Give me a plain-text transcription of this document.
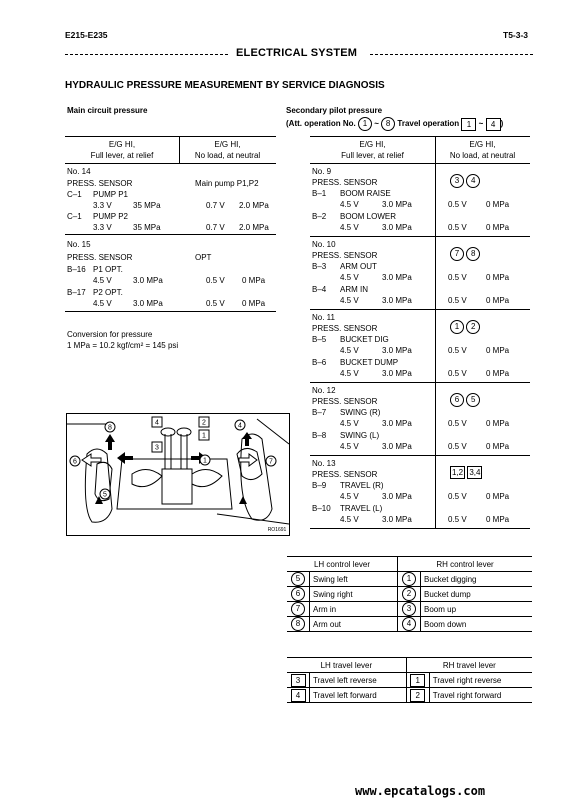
E215-E235	T5-3-3
ELECTRICAL SYSTEM
HYDRAULIC PRESSURE MEASUREMENT BY SERVICE DIAGNOSIS
Main circuit pressure
E/G HI,
Full lever, at relief
E/G HI,
No load, at neutral
No. 14
PRESS. SENSOR	Main pump P1,P2
C–1 PUMP P1
3.3 V	35 MPa	0.7 V 2.0 MPa
C–1 PUMP P2
3.3 V	35 MPa	0.7 V 2.0 MPa
No. 15
PRESS. SENSOR	OPT
B–16 P1 OPT.
4.5 V	3.0 MPa	0.5 V 0 MPa
B–17 P2 OPT.
4.5 V	3.0 MPa	0.5 V 0 MPa
Conversion for pressure
1 MPa = 10.2 kgf/cm² = 145 psi
8
4
3
2
1
4
6	7
5
1
RO1691
Secondary pilot pressure
(Att. operation No. 1 ~ 8 Travel operation 1 ~ 4 )
E/G HI,
Full lever, at relief
E/G HI,
No load, at neutral
No. 9
PRESS. SENSOR	3 4
B–1 BOOM RAISE
4.5 V	3.0 MPa	0.5 V 0 MPa
B–2 BOOM LOWER
4.5 V	3.0 MPa	0.5 V 0 MPa
No. 10
PRESS. SENSOR	7 8
B–3 ARM OUT
4.5 V	3.0 MPa	0.5 V 0 MPa
B–4 ARM IN
4.5 V	3.0 MPa	0.5 V 0 MPa
No. 11
PRESS. SENSOR	1 2
B–5 BUCKET DIG
4.5 V	3.0 MPa	0.5 V 0 MPa
B–6 BUCKET DUMP
4.5 V	3.0 MPa	0.5 V 0 MPa
No. 12
PRESS. SENSOR	6 5
B–7 SWING (R)
4.5 V	3.0 MPa	0.5 V 0 MPa
B–8 SWING (L)
4.5 V	3.0 MPa	0.5 V 0 MPa
No. 13
PRESS. SENSOR	1,2 3,4
B–9 TRAVEL (R)
4.5 V	3.0 MPa	0.5 V 0 MPa
B–10 TRAVEL (L)
4.5 V	3.0 MPa	0.5 V 0 MPa
LH control lever		RH control lever	
5	Swing left	1	Bucket digging
6	Swing right	2	Bucket dump
7	Arm in	3	Boom up
8	Arm out	4	Boom down
LH travel lever		RH travel lever	
3	Travel left reverse	1	Travel right reverse
4	Travel left forward	2	Travel right forward
www.epcatalogs.com
